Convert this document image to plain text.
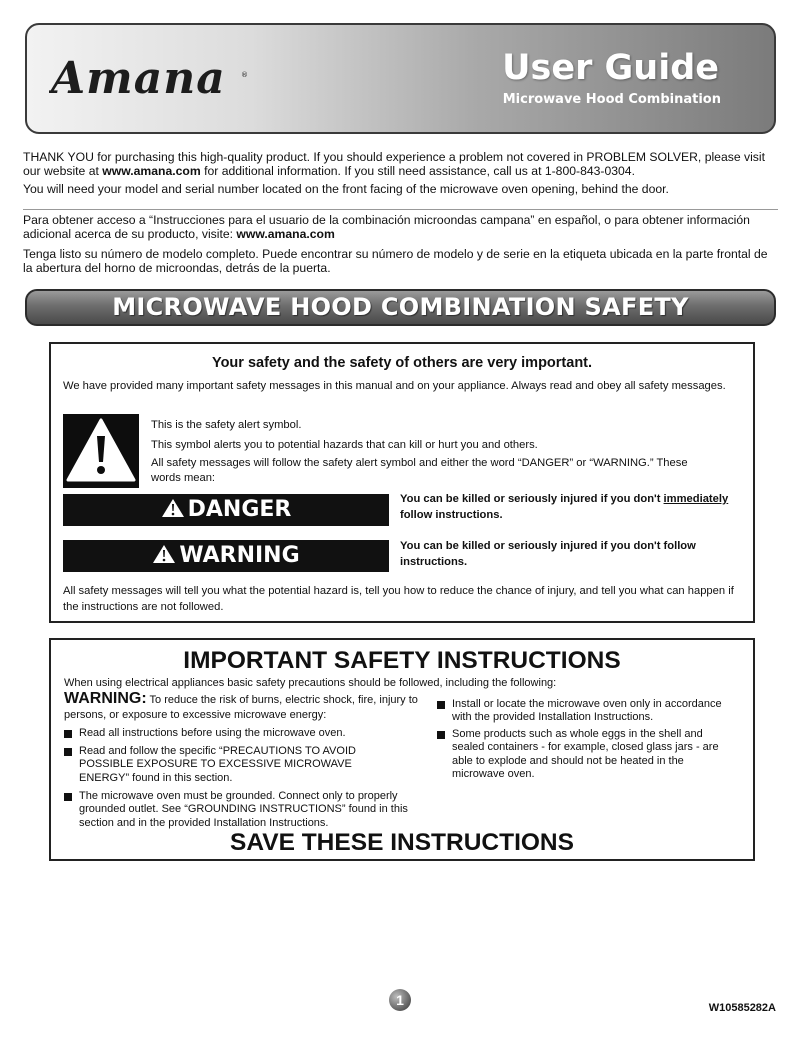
Amana ®	User Guide
Microwave Hood Combination
THANK YOU for purchasing this high-quality product. If you should experience a problem not covered in PROBLEM SOLVER, please visit our website at www.amana.com for additional information. If you still need assistance, call us at 1-800-843-0304.
You will need your model and serial number located on the front facing of the microwave oven opening, behind the door.
Para obtener acceso a “Instrucciones para el usuario de la combinación microondas campana” en español, o para obtener información adicional acerca de su producto, visite: www.amana.com
Tenga listo su número de modelo completo. Puede encontrar su número de modelo y de serie en la etiqueta ubicada en la parte frontal de la abertura del horno de microondas, detrás de la puerta.
MICROWAVE HOOD COMBINATION SAFETY
Your safety and the safety of others are very important.
We have provided many important safety messages in this manual and on your appliance. Always read and obey all safety messages.
This is the safety alert symbol.
This symbol alerts you to potential hazards that can kill or hurt you and others.
All safety messages will follow the safety alert symbol and either the word “DANGER” or “WARNING.” These words mean:
DANGER	You can be killed or seriously injured if you don't immediately follow instructions.
WARNING	You can be killed or seriously injured if you don't follow instructions.
All safety messages will tell you what the potential hazard is, tell you how to reduce the chance of injury, and tell you what can happen if the instructions are not followed.
IMPORTANT SAFETY INSTRUCTIONS
When using electrical appliances basic safety precautions should be followed, including the following:
WARNING: To reduce the risk of burns, electric shock, fire, injury to persons, or exposure to excessive microwave energy:
Read all instructions before using the microwave oven.
Read and follow the specific “PRECAUTIONS TO AVOID POSSIBLE EXPOSURE TO EXCESSIVE MICROWAVE ENERGY” found in this section.
The microwave oven must be grounded. Connect only to properly grounded outlet. See “GROUNDING INSTRUCTIONS” found in this section and in the provided Installation Instructions.
Install or locate the microwave oven only in accordance with the provided Installation Instructions.
Some products such as whole eggs in the shell and sealed containers - for example, closed glass jars - are able to explode and should not be heated in the microwave oven.
SAVE THESE INSTRUCTIONS
1	W10585282A
